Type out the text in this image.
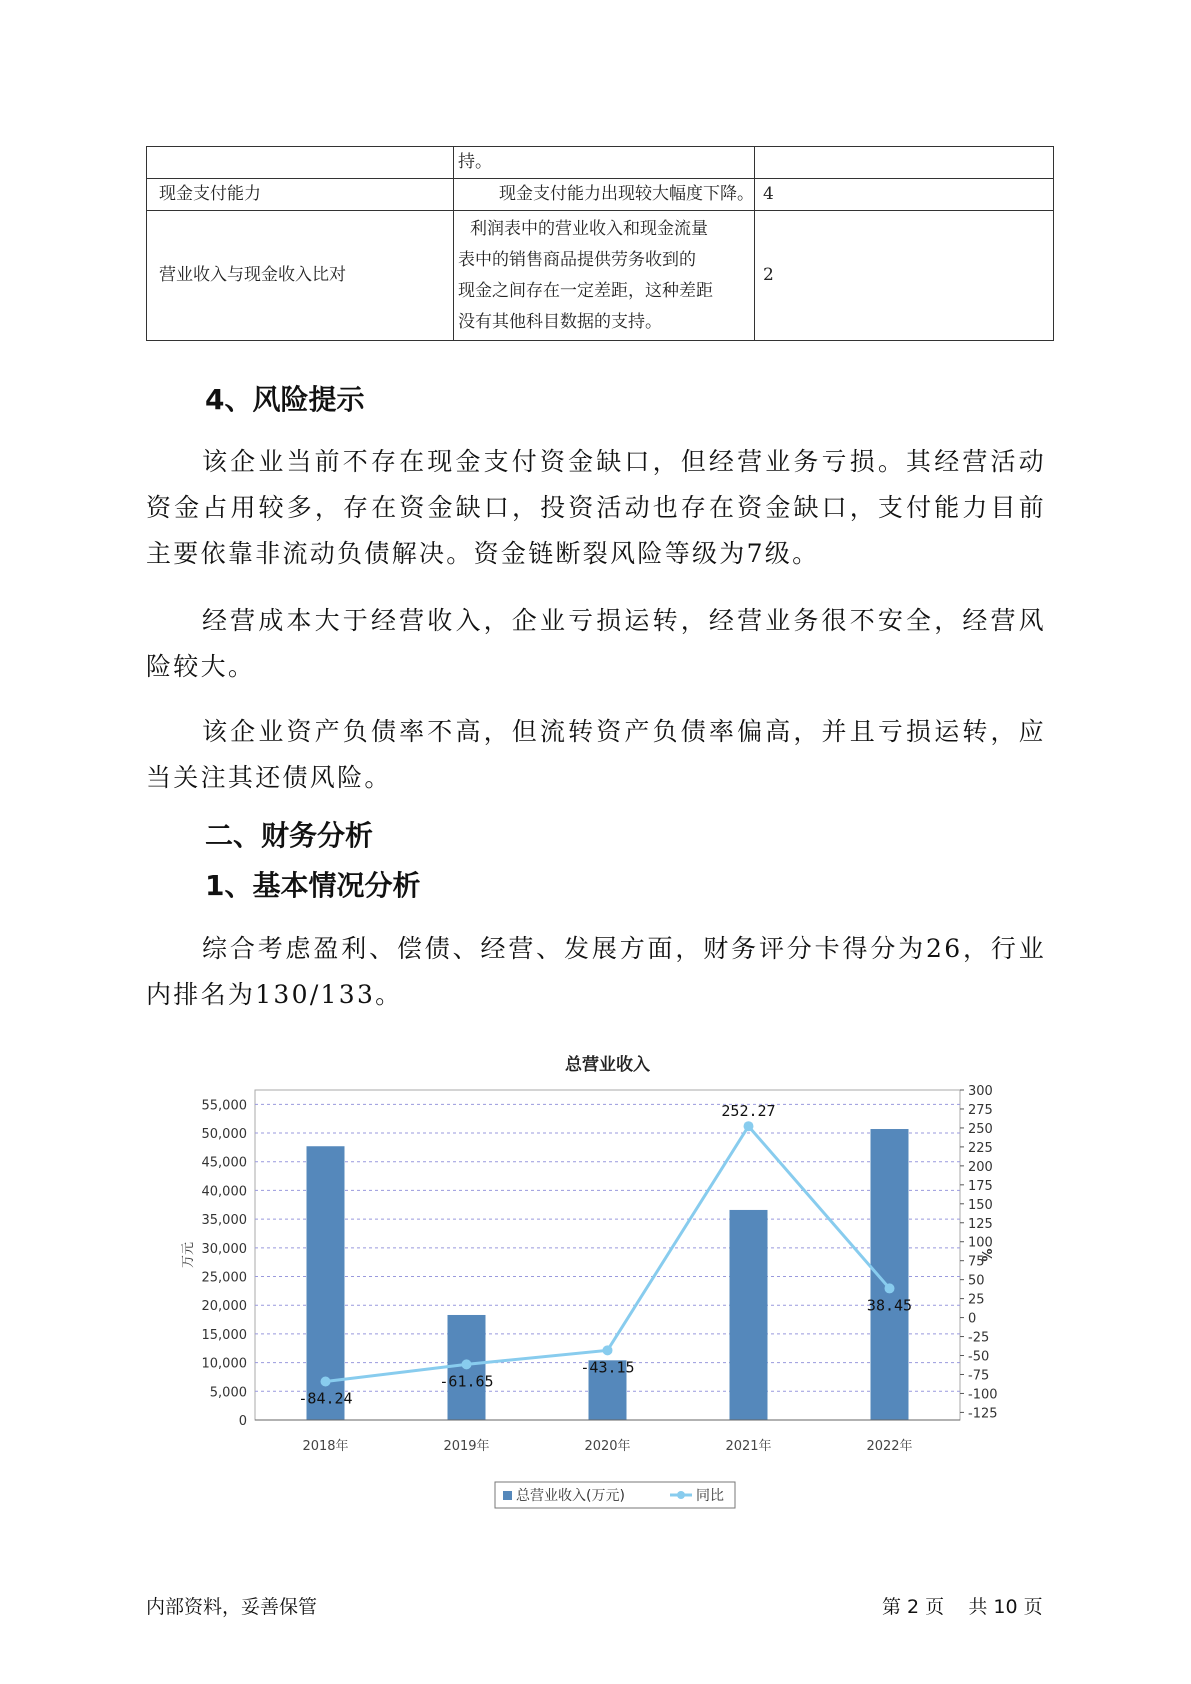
	持。	
现金支付能力	现金支付能力出现较大幅度下降。	4
营业收入与现金收入比对	利润表中的营业收入和现金流量
表中的销售商品提供劳务收到的
现金之间存在一定差距，这种差距
没有其他科目数据的支持。	2
4、风险提示

该企业当前不存在现金支付资金缺口，但经营业务亏损。其经营活动资金占用较多，存在资金缺口，投资活动也存在资金缺口，支付能力目前主要依靠非流动负债解决。资金链断裂风险等级为7级。

经营成本大于经营收入，企业亏损运转，经营业务很不安全，经营风险较大。

该企业资产负债率不高，但流转资产负债率偏高，并且亏损运转，应当关注其还债风险。

二、财务分析
1、基本情况分析

综合考虑盈利、偿债、经营、发展方面，财务评分卡得分为26，行业内排名为130/133。

总营业收入
0
5,000
10,000
15,000
20,000
25,000
30,000
35,000
40,000
45,000
50,000
55,000
-125
-100
-75
-50
-25
0
25
50
75
100
125
150
175
200
225
250
275
300
万元	%
2018年	2019年	2020年	2021年	2022年
-84.24
-61.65
-43.15
252.27
38.45
总营业收入(万元)	同比
内部资料，妥善保管	第 2 页    共 10 页
